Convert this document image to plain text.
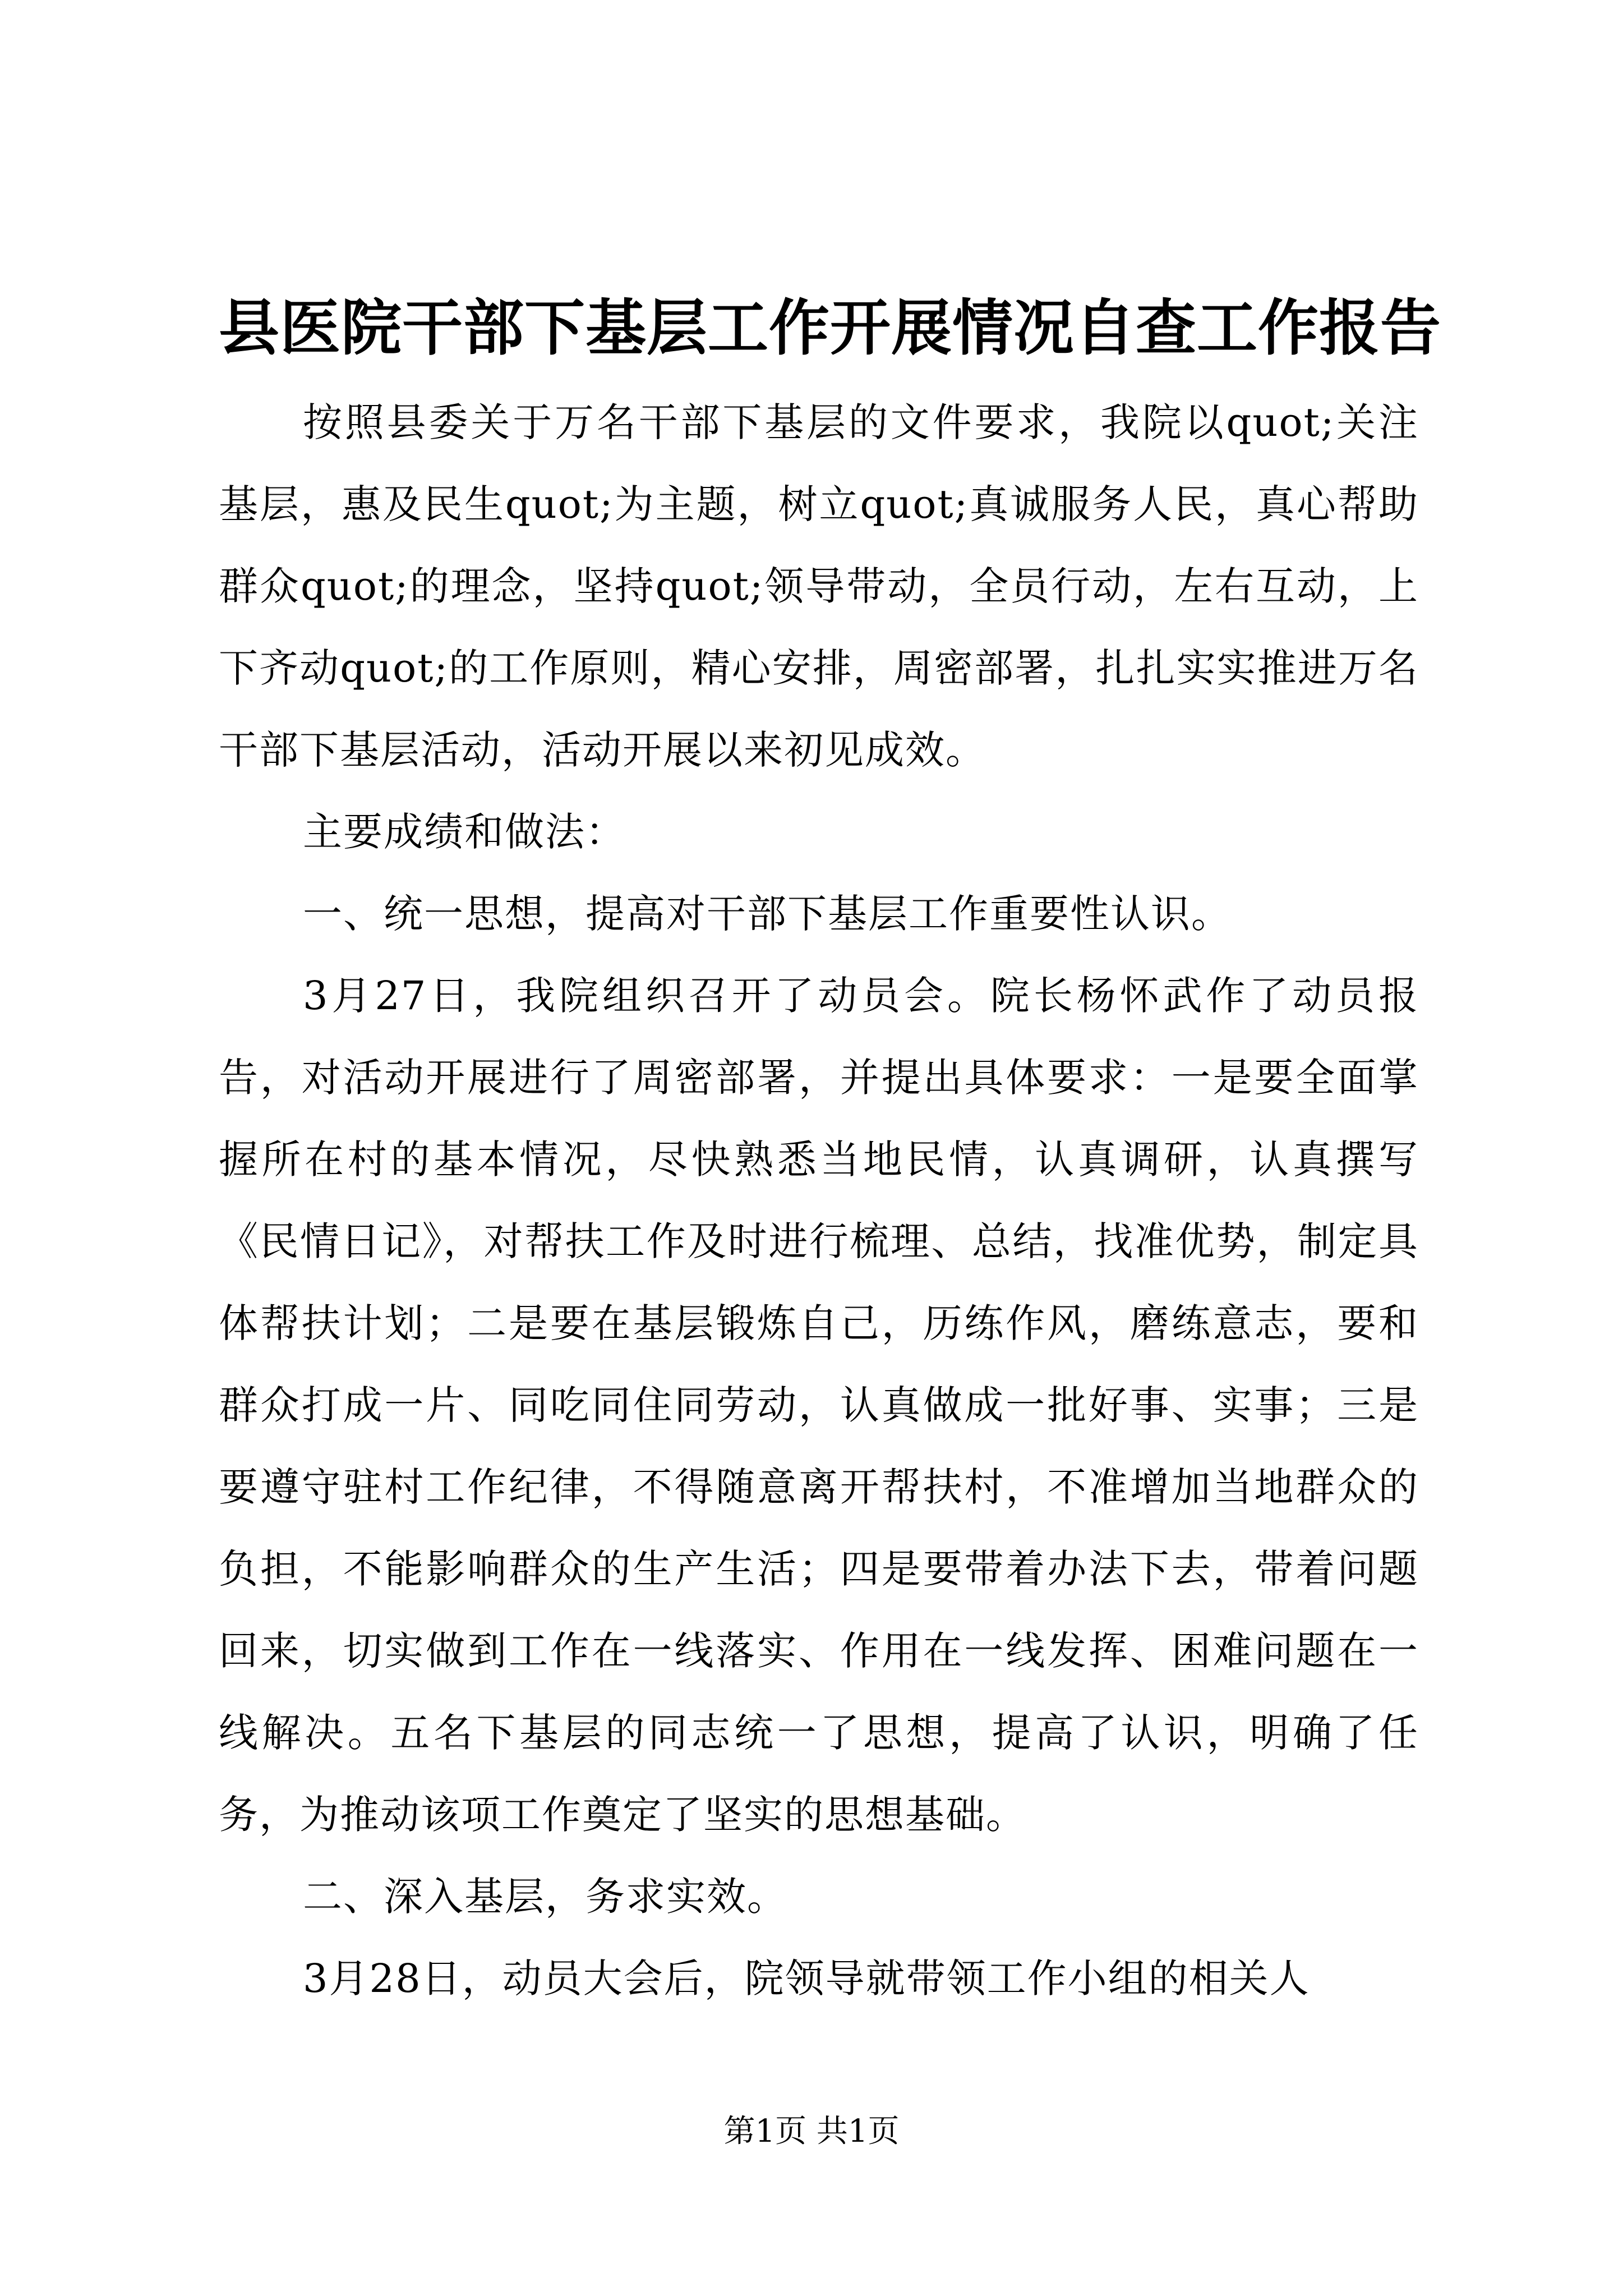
县医院干部下基层工作开展情况自查工作报告

按照县委关于万名干部下基层的文件要求，我院以quot;关注基层，惠及民生quot;为主题，树立quot;真诚服务人民，真心帮助群众quot;的理念，坚持quot;领导带动，全员行动，左右互动，上下齐动quot;的工作原则，精心安排，周密部署，扎扎实实推进万名干部下基层活动，活动开展以来初见成效。

主要成绩和做法：

一、统一思想，提高对干部下基层工作重要性认识。

3月27日，我院组织召开了动员会。院长杨怀武作了动员报告，对活动开展进行了周密部署，并提出具体要求：一是要全面掌握所在村的基本情况，尽快熟悉当地民情，认真调研，认真撰写《民情日记》，对帮扶工作及时进行梳理、总结，找准优势，制定具体帮扶计划；二是要在基层锻炼自己，历练作风，磨练意志，要和群众打成一片、同吃同住同劳动，认真做成一批好事、实事；三是要遵守驻村工作纪律，不得随意离开帮扶村，不准增加当地群众的负担，不能影响群众的生产生活；四是要带着办法下去，带着问题回来，切实做到工作在一线落实、作用在一线发挥、困难问题在一线解决。五名下基层的同志统一了思想，提高了认识，明确了任务，为推动该项工作奠定了坚实的思想基础。

二、深入基层，务求实效。

3月28日，动员大会后，院领导就带领工作小组的相关人

第1页 共1页
